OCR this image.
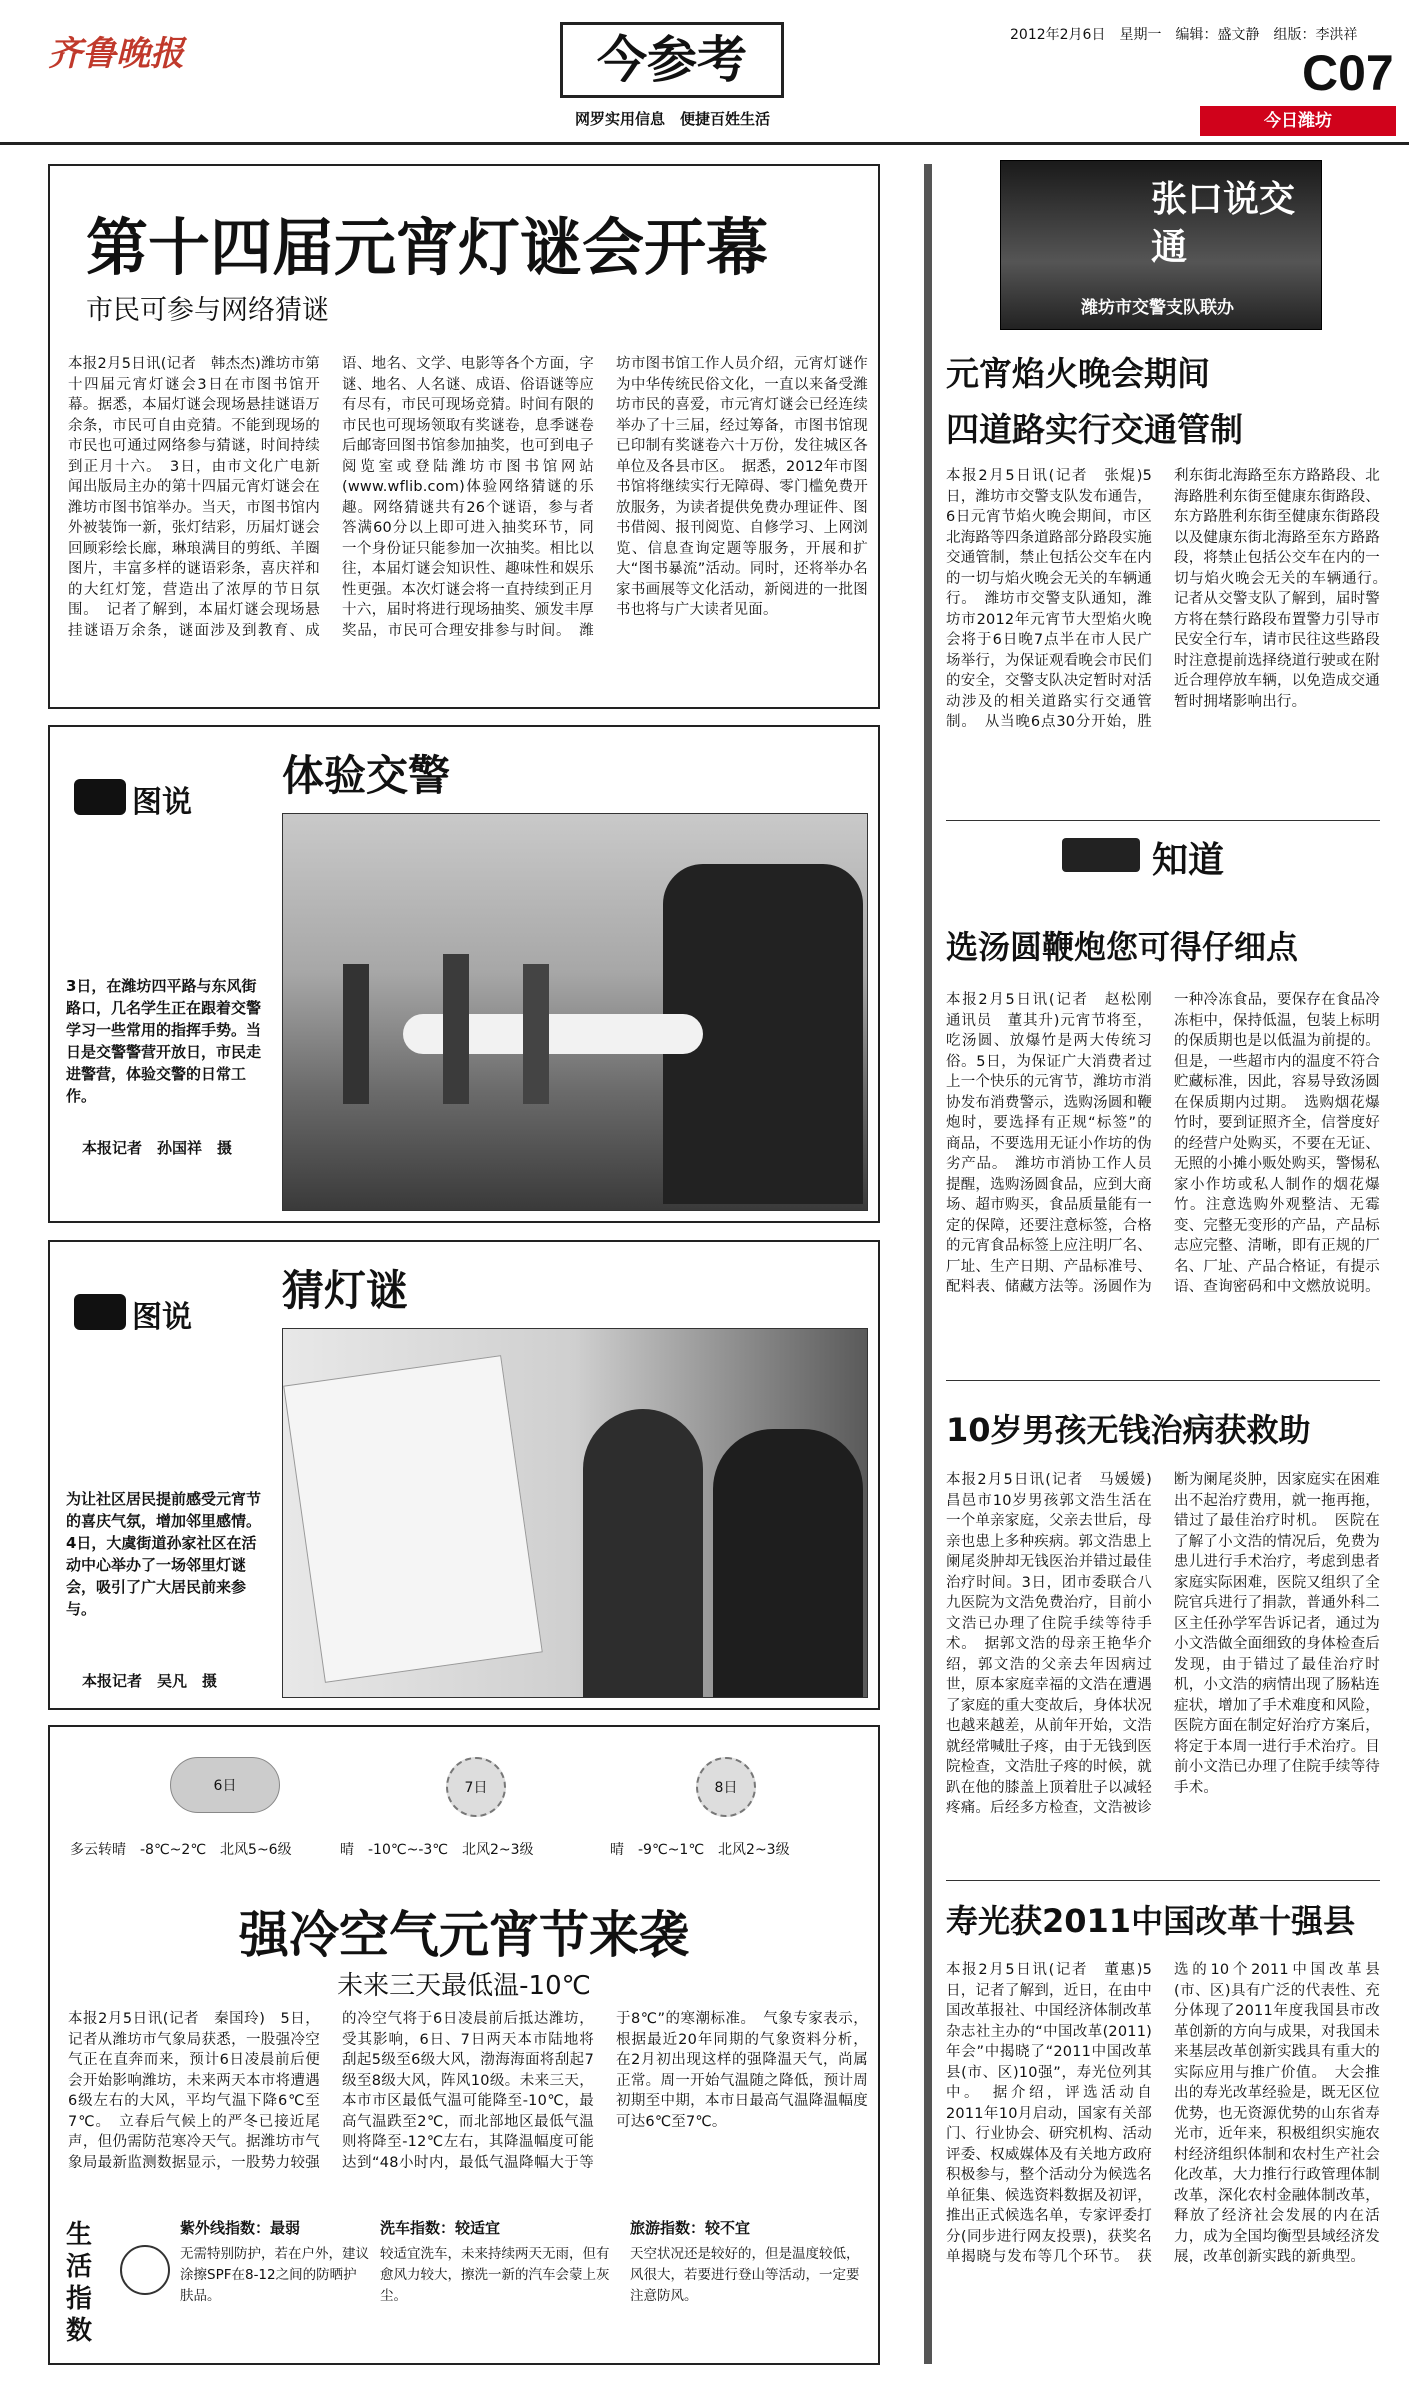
齐鲁晚报	今参考
网罗实用信息　便捷百姓生活
2012年2月6日　星期一　编辑：盛文静　组版：李洪祥
C07
今日潍坊
第十四届元宵灯谜会开幕
市民可参与网络猜谜
本报2月5日讯(记者　韩杰杰)潍坊市第十四届元宵灯谜会3日在市图书馆开幕。据悉，本届灯谜会现场悬挂谜语万余条，市民可自由竞猜。不能到现场的市民也可通过网络参与猜谜，时间持续到正月十六。　3日，由市文化广电新闻出版局主办的第十四届元宵灯谜会在潍坊市图书馆举办。当天，市图书馆内外被装饰一新，张灯结彩，历届灯谜会回顾彩绘长廊，琳琅满目的剪纸、羊圈图片，丰富多样的谜语彩条，喜庆祥和的大红灯笼，营造出了浓厚的节日氛围。　记者了解到，本届灯谜会现场悬挂谜语万余条，谜面涉及到教育、成语、地名、文学、电影等各个方面，字谜、地名、人名谜、成语、俗语谜等应有尽有，市民可现场竞猜。时间有限的市民也可现场领取有奖谜卷，息季谜卷后邮寄回图书馆参加抽奖，也可到电子阅览室或登陆潍坊市图书馆网站(www.wflib.com)体验网络猜谜的乐趣。网络猜谜共有26个谜语，参与者答满60分以上即可进入抽奖环节，同一个身份证只能参加一次抽奖。相比以往，本届灯谜会知识性、趣味性和娱乐性更强。本次灯谜会将一直持续到正月十六，届时将进行现场抽奖、颁发丰厚奖品，市民可合理安排参与时间。　潍坊市图书馆工作人员介绍，元宵灯谜作为中华传统民俗文化，一直以来备受潍坊市民的喜爱，市元宵灯谜会已经连续举办了十三届，经过筹备，市图书馆现已印制有奖谜卷六十万份，发往城区各单位及各县市区。　据悉，2012年市图书馆将继续实行无障碍、零门槛免费开放服务，为读者提供免费办理证件、图书借阅、报刊阅览、自修学习、上网浏览、信息查询定题等服务，开展和扩大“图书暴流”活动。同时，还将举办名家书画展等文化活动，新阅进的一批图书也将与广大读者见面。
图说
体验交警
3日，在潍坊四平路与东风街路口，几名学生正在跟着交警学习一些常用的指挥手势。当日是交警警营开放日，市民走进警营，体验交警的日常工作。
本报记者　孙国祥　摄
图说
猜灯谜
为让社区居民提前感受元宵节的喜庆气氛，增加邻里感情。4日，大虞街道孙家社区在活动中心举办了一场邻里灯谜会，吸引了广大居民前来参与。
本报记者　吴凡　摄
6日
多云转晴　-8℃~2℃　北风5~6级
7日
晴　-10℃~-3℃　北风2~3级
8日
晴　-9℃~1℃　北风2~3级
强冷空气元宵节来袭
未来三天最低温-10℃
本报2月5日讯(记者　秦国玲)　5日，记者从潍坊市气象局获悉，一股强冷空气正在直奔而来，预计6日凌晨前后便会开始影响潍坊，未来两天本市将遭遇6级左右的大风，平均气温下降6℃至7℃。　立春后气候上的严冬已接近尾声，但仍需防范寒冷天气。据潍坊市气象局最新监测数据显示，一股势力较强的冷空气将于6日凌晨前后抵达潍坊，受其影响，6日、7日两天本市陆地将刮起5级至6级大风，渤海海面将刮起7级至8级大风，阵风10级。未来三天，本市市区最低气温可能降至-10℃，最高气温跌至2℃，而北部地区最低气温则将降至-12℃左右，其降温幅度可能达到“48小时内，最低气温降幅大于等于8℃”的寒潮标准。　气象专家表示，根据最近20年同期的气象资料分析，在2月初出现这样的强降温天气，尚属正常。周一开始气温随之降低，预计周初期至中期，本市日最高气温降温幅度可达6℃至7℃。
生活指数
紫外线指数：最弱
无需特别防护，若在户外，建议涂擦SPF在8-12之间的防晒护肤品。
洗车指数：较适宜
较适宜洗车，未来持续两天无雨，但有愈风力较大，擦洗一新的汽车会蒙上灰尘。
旅游指数：较不宜
天空状况还是较好的，但是温度较低，风很大，若要进行登山等活动，一定要注意防风。
张口说交通
潍坊市交警支队联办
元宵焰火晚会期间
四道路实行交通管制
本报2月5日讯(记者　张焜)5日，潍坊市交警支队发布通告，6日元宵节焰火晚会期间，市区北海路等四条道路部分路段实施交通管制，禁止包括公交车在内的一切与焰火晚会无关的车辆通行。　潍坊市交警支队通知，潍坊市2012年元宵节大型焰火晚会将于6日晚7点半在市人民广场举行，为保证观看晚会市民们的安全，交警支队决定暂时对活动涉及的相关道路实行交通管制。　从当晚6点30分开始，胜利东街北海路至东方路路段、北海路胜利东街至健康东街路段、东方路胜利东街至健康东街路段以及健康东街北海路至东方路路段，将禁止包括公交车在内的一切与焰火晚会无关的车辆通行。　记者从交警支队了解到，届时警方将在禁行路段布置警力引导市民安全行车，请市民往这些路段时注意提前选择绕道行驶或在附近合理停放车辆，以免造成交通暂时拥堵影响出行。
知道
选汤圆鞭炮您可得仔细点
本报2月5日讯(记者　赵松刚　通讯员　董其升)元宵节将至，吃汤圆、放爆竹是两大传统习俗。5日，为保证广大消费者过上一个快乐的元宵节，潍坊市消协发布消费警示，选购汤圆和鞭炮时，要选择有正规“标签”的商品，不要选用无证小作坊的伪劣产品。　潍坊市消协工作人员提醒，选购汤圆食品，应到大商场、超市购买，食品质量能有一定的保障，还要注意标签，合格的元宵食品标签上应注明厂名、厂址、生产日期、产品标准号、配料表、储藏方法等。汤圆作为一种冷冻食品，要保存在食品冷冻柜中，保持低温，包装上标明的保质期也是以低温为前提的。但是，一些超市内的温度不符合贮藏标准，因此，容易导致汤圆在保质期内过期。　选购烟花爆竹时，要到证照齐全，信誉度好的经营户处购买，不要在无证、无照的小摊小贩处购买，警惕私家小作坊或私人制作的烟花爆竹。注意选购外观整洁、无霉变、完整无变形的产品，产品标志应完整、清晰，即有正规的厂名、厂址、产品合格证，有提示语、查询密码和中文燃放说明。
10岁男孩无钱治病获救助
本报2月5日讯(记者　马媛媛)昌邑市10岁男孩郭文浩生活在一个单亲家庭，父亲去世后，母亲也患上多种疾病。郭文浩患上阑尾炎肿却无钱医治并错过最佳治疗时间。3日，团市委联合八九医院为文浩免费治疗，目前小文浩已办理了住院手续等待手术。　据郭文浩的母亲王艳华介绍，郭文浩的父亲去年因病过世，原本家庭幸福的文浩在遭遇了家庭的重大变故后，身体状况也越来越差，从前年开始，文浩就经常喊肚子疼，由于无钱到医院检查，文浩肚子疼的时候，就趴在他的膝盖上顶着肚子以减轻疼痛。后经多方检查，文浩被诊断为阑尾炎肿，因家庭实在困难出不起治疗费用，就一拖再拖，错过了最佳治疗时机。　医院在了解了小文浩的情况后，免费为患儿进行手术治疗，考虑到患者家庭实际困难，医院又组织了全院官兵进行了捐款，普通外科二区主任孙学军告诉记者，通过为小文浩做全面细致的身体检查后发现，由于错过了最佳治疗时机，小文浩的病情出现了肠粘连症状，增加了手术难度和风险，医院方面在制定好治疗方案后，将定于本周一进行手术治疗。目前小文浩已办理了住院手续等待手术。
寿光获2011中国改革十强县
本报2月5日讯(记者　董惠)5日，记者了解到，近日，在由中国改革报社、中国经济体制改革杂志社主办的“中国改革(2011)年会”中揭晓了“2011中国改革县(市、区)10强”，寿光位列其中。　据介绍，评选活动自2011年10月启动，国家有关部门、行业协会、研究机构、活动评委、权威媒体及有关地方政府积极参与，整个活动分为候选名单征集、候选资料数据及初评，推出正式候选名单，专家评委打分(同步进行网友投票)，获奖名单揭晓与发布等几个环节。　获选的10个2011中国改革县(市、区)具有广泛的代表性、充分体现了2011年度我国县市改革创新的方向与成果，对我国未来基层改革创新实践具有重大的实际应用与推广价值。　大会推出的寿光改革经验是，既无区位优势，也无资源优势的山东省寿光市，近年来，积极组织实施农村经济组织体制和农村生产社会化改革，大力推行行政管理体制改革，深化农村金融体制改革，释放了经济社会发展的内在活力，成为全国均衡型县域经济发展，改革创新实践的新典型。
